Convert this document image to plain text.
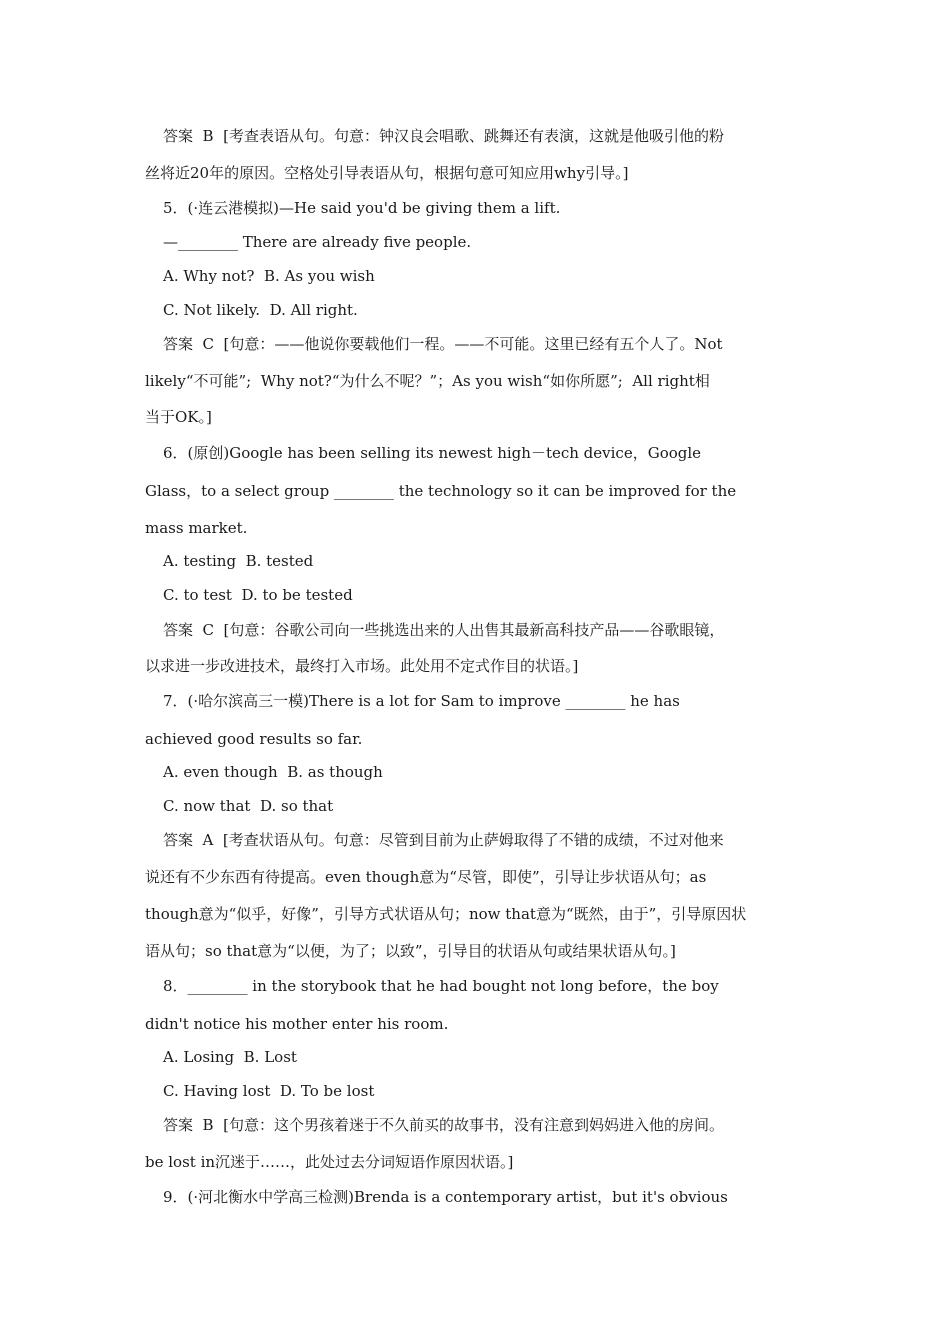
答案  B  [考查表语从句。句意：钟汉良会唱歌、跳舞还有表演，这就是他吸引他的粉
丝将近20年的原因。空格处引导表语从句，根据句意可知应用why引导。]
5．(·连云港模拟)—He said you'd be giving them a lift.
—________ There are already five people.
A. Why not?  B. As you wish
C. Not likely.  D. All right.
答案  C  [句意：——他说你要载他们一程。——不可能。这里已经有五个人了。Not
likely“不可能”;  Why not?“为什么不呢？”；As you wish“如你所愿”;  All right相
当于OK。]
6．(原创)Google has been selling its newest high－tech device，Google
Glass，to a select group ________ the technology so it can be improved for the
mass market.
A. testing  B. tested
C. to test  D. to be tested
答案  C  [句意：谷歌公司向一些挑选出来的人出售其最新高科技产品——谷歌眼镜，
以求进一步改进技术，最终打入市场。此处用不定式作目的状语。]
7．(·哈尔滨高三一模)There is a lot for Sam to improve ________ he has
achieved good results so far.
A. even though  B. as though
C. now that  D. so that
答案  A  [考查状语从句。句意：尽管到目前为止萨姆取得了不错的成绩，不过对他来
说还有不少东西有待提高。even though意为“尽管，即使”，引导让步状语从句；as
though意为“似乎，好像”，引导方式状语从句；now that意为“既然，由于”，引导原因状
语从句；so that意为“以便，为了；以致”，引导目的状语从句或结果状语从句。]
8．________ in the storybook that he had bought not long before，the boy
didn't notice his mother enter his room.
A. Losing  B. Lost
C. Having lost  D. To be lost
答案  B  [句意：这个男孩着迷于不久前买的故事书，没有注意到妈妈进入他的房间。
be lost in沉迷于……，此处过去分词短语作原因状语。]
9．(·河北衡水中学高三检测)Brenda is a contemporary artist，but it's obvious
